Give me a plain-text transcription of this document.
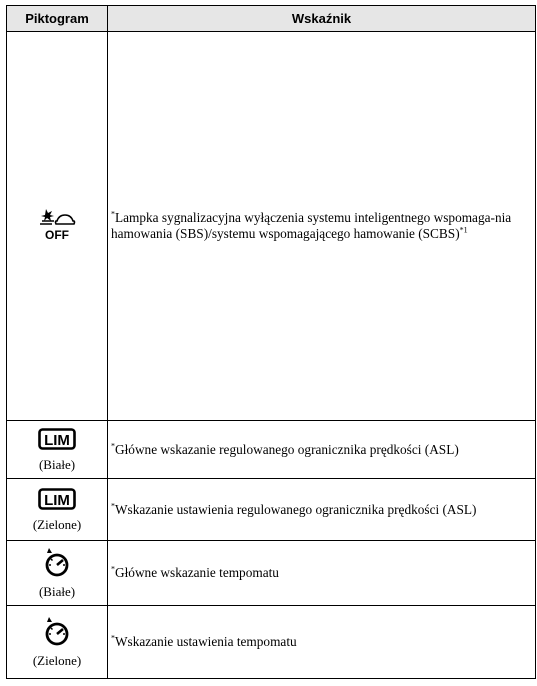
Piktogram	Wskaźnik

OFF	*Lampka sygnalizacyjna wyłączenia systemu inteligentnego wspomaga-nia hamowania (SBS)/systemu wspomagającego hamowanie (SCBS)$^{*1}$

LIM
(Białe)	*Główne wskazanie regulowanego ogranicznika prędkości (ASL)

LIM
(Zielone)	*Wskazanie ustawienia regulowanego ogranicznika prędkości (ASL)

(Białe)	*Główne wskazanie tempomatu

(Zielone)	*Wskazanie ustawienia tempomatu
